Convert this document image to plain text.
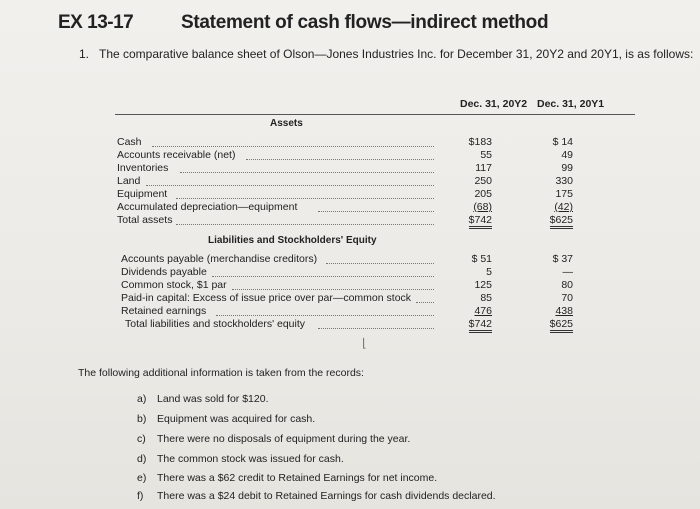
EX 13-17	Statement of cash flows—indirect method
1. The comparative balance sheet of Olson—Jones Industries Inc. for December 31, 20Y2 and 20Y1, is as follows:
Dec. 31, 20Y2 Dec. 31, 20Y1
Assets
Cash	$183	$ 14
Accounts receivable (net)	55	49
Inventories	117	99
Land	250	330
Equipment	205	175
Accumulated depreciation—equipment	(68)	(42)
Total assets	$742	$625
Liabilities and Stockholders' Equity
Accounts payable (merchandise creditors)	$ 51	$ 37
Dividends payable	5	—
Common stock, $1 par	125	80
Paid-in capital: Excess of issue price over par—common stock	85	70
Retained earnings	476	438
Total liabilities and stockholders' equity	$742	$625
⌊
The following additional information is taken from the records:
a) Land was sold for $120.
b) Equipment was acquired for cash.
c) There were no disposals of equipment during the year.
d) The common stock was issued for cash.
e) There was a $62 credit to Retained Earnings for net income.
f) There was a $24 debit to Retained Earnings for cash dividends declared.
